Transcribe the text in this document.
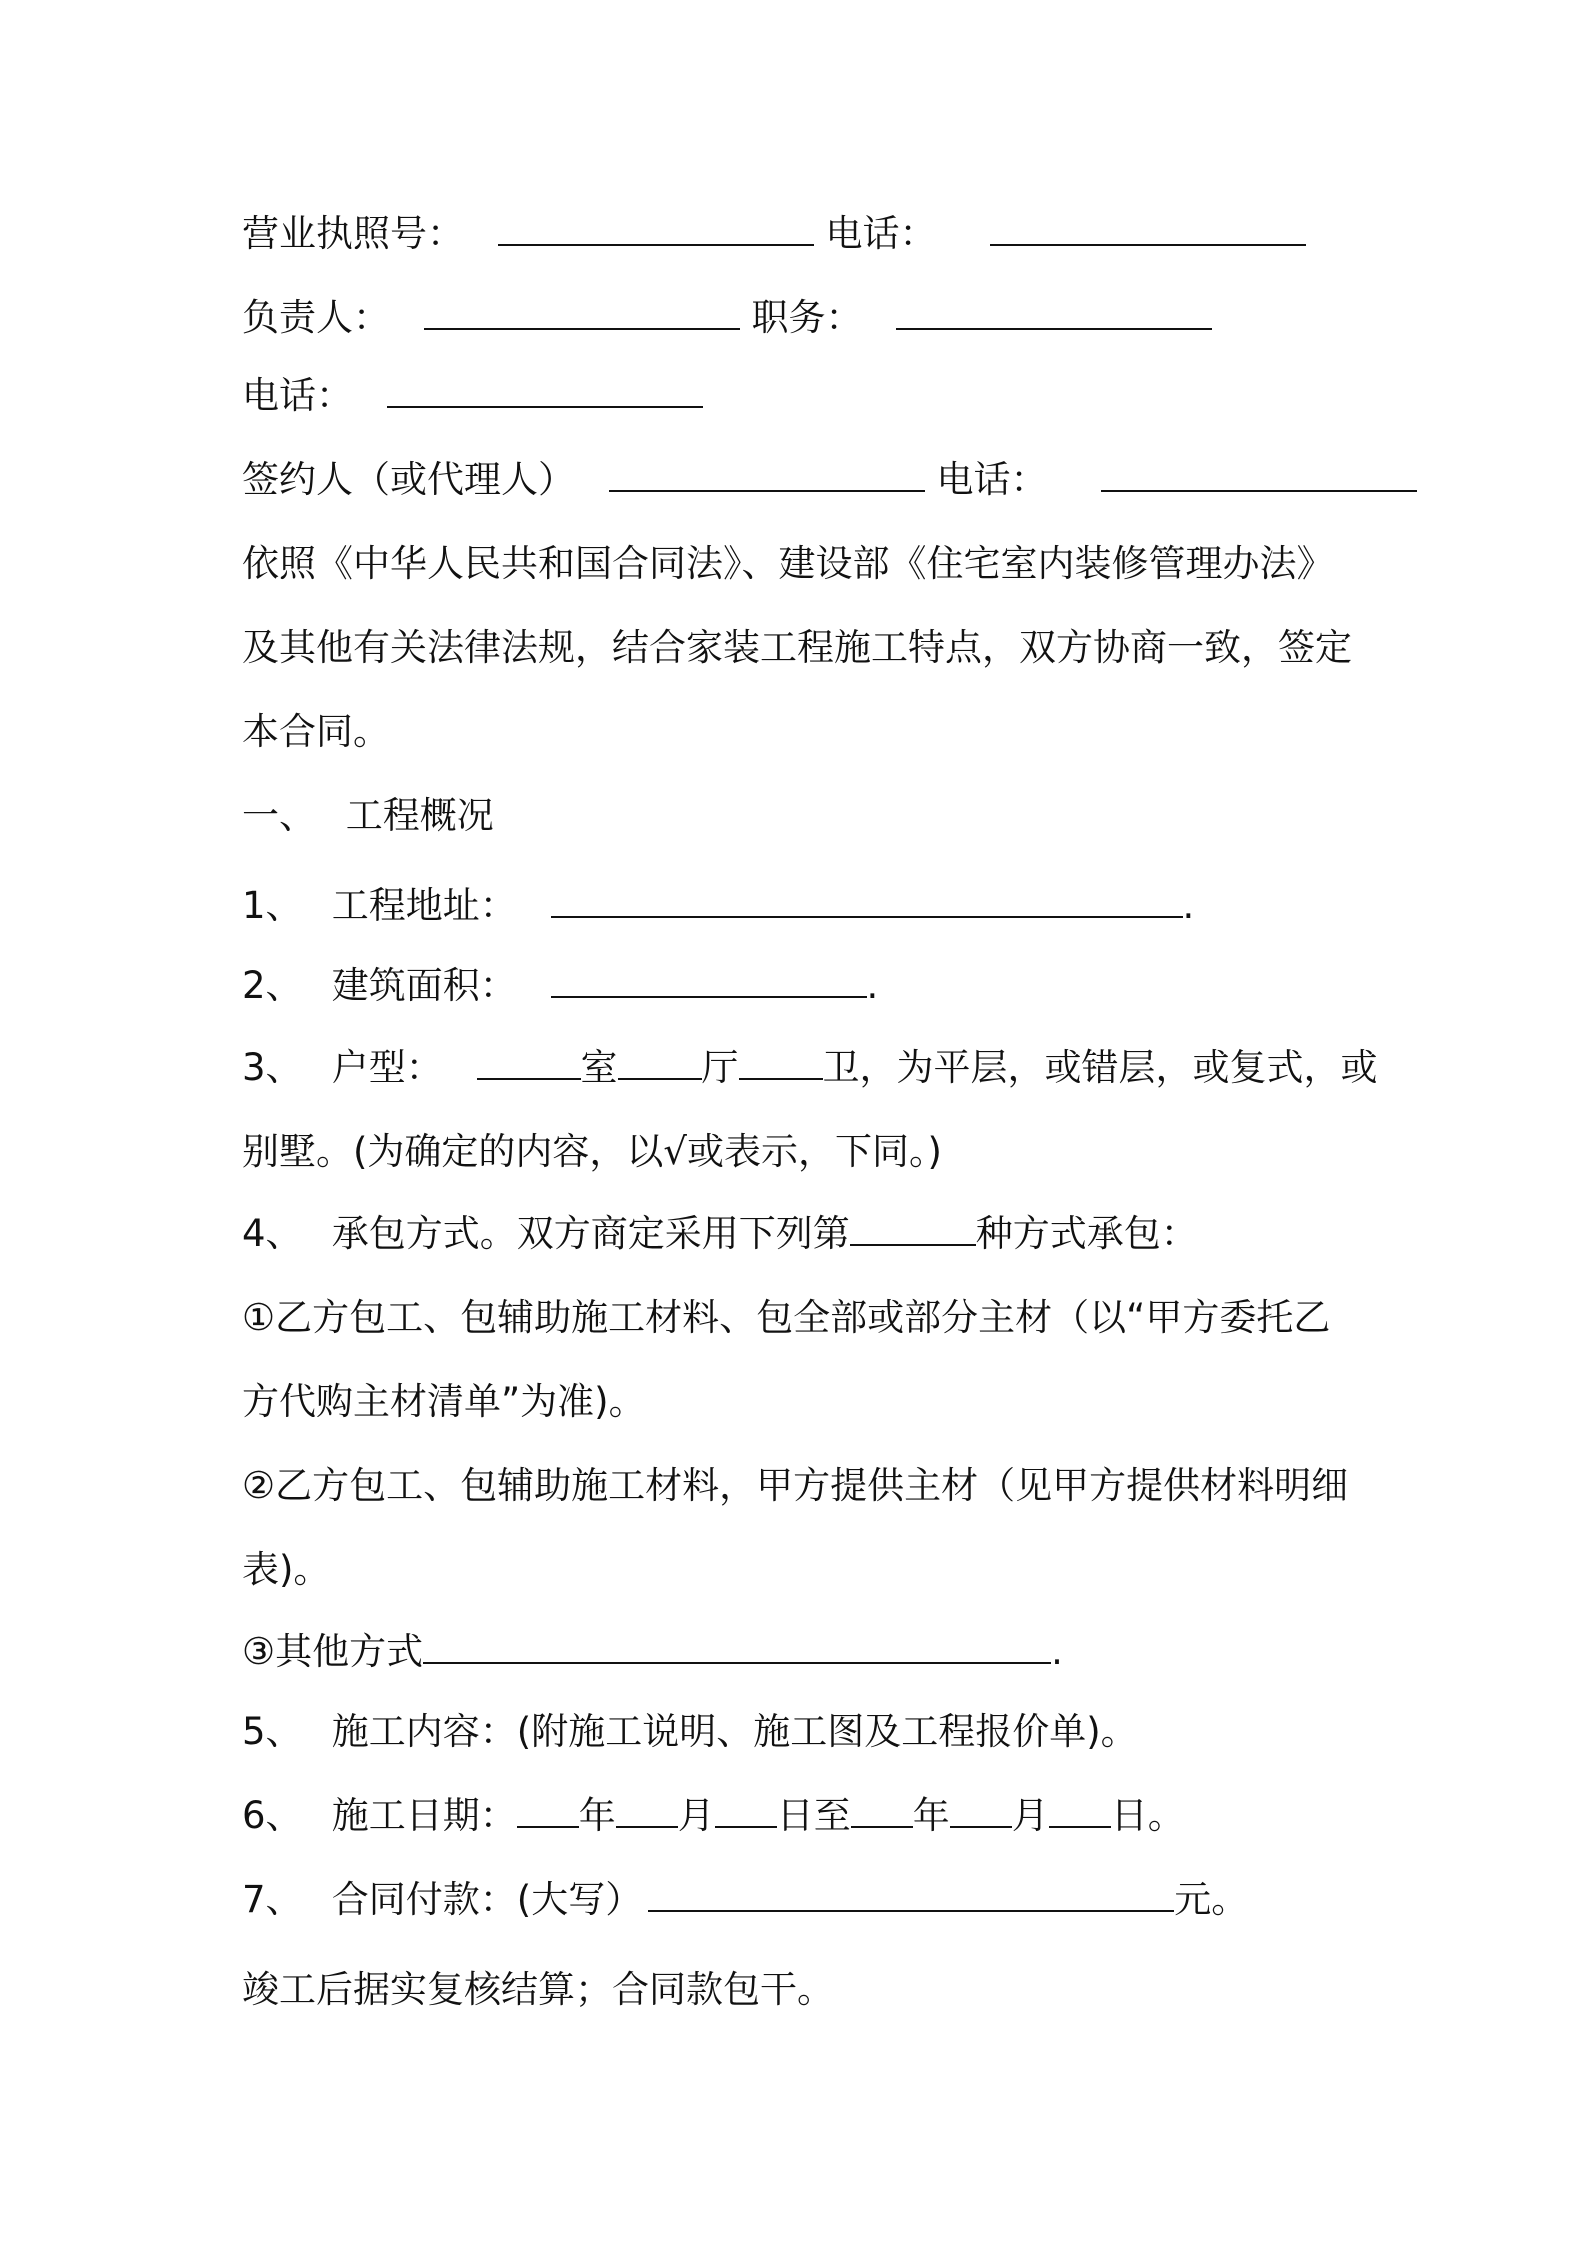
营业执照号：	电话：
负责人：	职务：
电话：
签约人（或代理人）	电话：
依照《中华人民共和国合同法》、建设部《住宅室内装修管理办法》
及其他有关法律法规，结合家装工程施工特点，双方协商一致，签定
本合同。
一、 工程概况
1、 工程地址：	.
2、 建筑面积：	.
3、 户型：	室 厅 卫，为平层，或错层，或复式，或
别墅。(为确定的内容，以√或表示，下同。)
4、 承包方式。双方商定采用下列第	种方式承包：
①乙方包工、包辅助施工材料、包全部或部分主材（以“甲方委托乙
方代购主材清单”为准)。
②乙方包工、包辅助施工材料，甲方提供主材（见甲方提供材料明细
表)。
③其他方式	.
5、 施工内容：(附施工说明、施工图及工程报价单)。
6、 施工日期： 年 月 日至 年 月 日。
7、 合同付款：(大写）	元。
竣工后据实复核结算；合同款包干。
